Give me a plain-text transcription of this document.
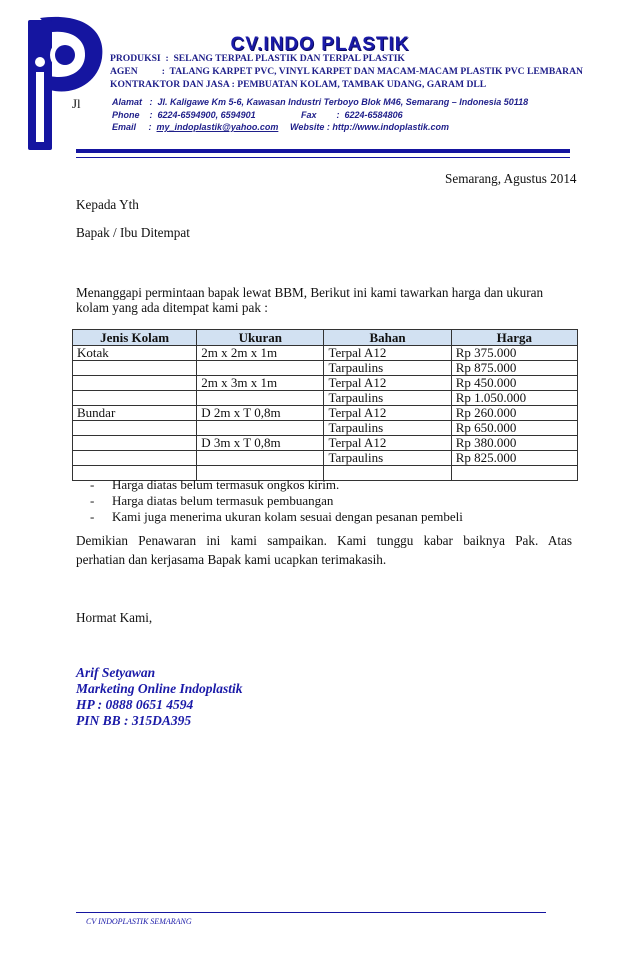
CV.INDO PLASTIK
PRODUKSI  :  SELANG TERPAL PLASTIK DAN TERPAL PLASTIK
AGEN          :  TALANG KARPET PVC, VINYL KARPET DAN MACAM-MACAM PLASTIK PVC LEMBARAN
KONTRAKTOR DAN JASA : PEMBUATAN KOLAM, TAMBAK UDANG, GARAM DLL
Jl	Alamat   :  Jl. Kaligawe Km 5-6, Kawasan Industri Terboyo Blok M46, Semarang – Indonesia 50118
Phone    :  6224-6594900, 6594901	Fax        :  6224-6584806
Email     :  my_indoplastik@yahoo.com Website : http://www.indoplastik.com
Semarang, Agustus 2014
Kepada Yth
Bapak / Ibu Ditempat
Menanggapi permintaan bapak lewat BBM, Berikut ini kami tawarkan harga dan ukuran
kolam yang ada ditempat kami pak :
Jenis Kolam	Ukuran	Bahan	Harga
Kotak	2m x 2m x 1m	Terpal A12	Rp 375.000
		Tarpaulins	Rp 875.000
	2m x 3m x 1m	Terpal A12	Rp 450.000
		Tarpaulins	Rp 1.050.000
Bundar	D 2m x T 0,8m	Terpal A12	Rp 260.000
		Tarpaulins	Rp 650.000
	D 3m x T 0,8m	Terpal A12	Rp 380.000
		Tarpaulins	Rp 825.000

- Harga diatas belum termasuk ongkos kirim.
- Harga diatas belum termasuk pembuangan
- Kami juga menerima ukuran kolam sesuai dengan pesanan pembeli
Demikian Penawaran ini kami sampaikan. Kami tunggu kabar baiknya Pak. Atas
perhatian dan kerjasama Bapak kami ucapkan terimakasih.
Hormat Kami,
Arif Setyawan
Marketing Online Indoplastik
HP : 0888 0651 4594
PIN BB : 315DA395
CV INDOPLASTIK SEMARANG
